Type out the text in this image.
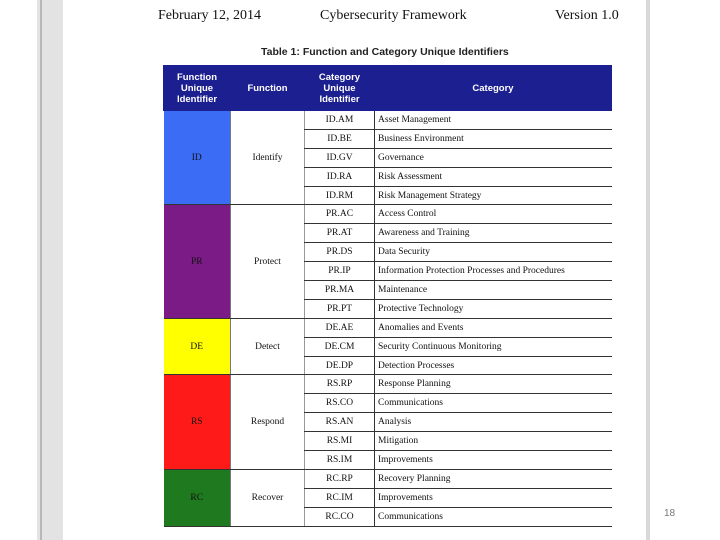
February 12, 2014	Cybersecurity Framework	Version 1.0
Table 1: Function and Category Unique Identifiers
Function Unique Identifier	Function	Category Unique Identifier	Category
ID	Identify	ID.AM	Asset Management
		ID.BE	Business Environment
		ID.GV	Governance
		ID.RA	Risk Assessment
		ID.RM	Risk Management Strategy
PR	Protect	PR.AC	Access Control
		PR.AT	Awareness and Training
		PR.DS	Data Security
		PR.IP	Information Protection Processes and Procedures
		PR.MA	Maintenance
		PR.PT	Protective Technology
DE	Detect	DE.AE	Anomalies and Events
		DE.CM	Security Continuous Monitoring
		DE.DP	Detection Processes
RS	Respond	RS.RP	Response Planning
		RS.CO	Communications
		RS.AN	Analysis
		RS.MI	Mitigation
		RS.IM	Improvements
RC	Recover	RC.RP	Recovery Planning
		RC.IM	Improvements
		RC.CO	Communications	18
